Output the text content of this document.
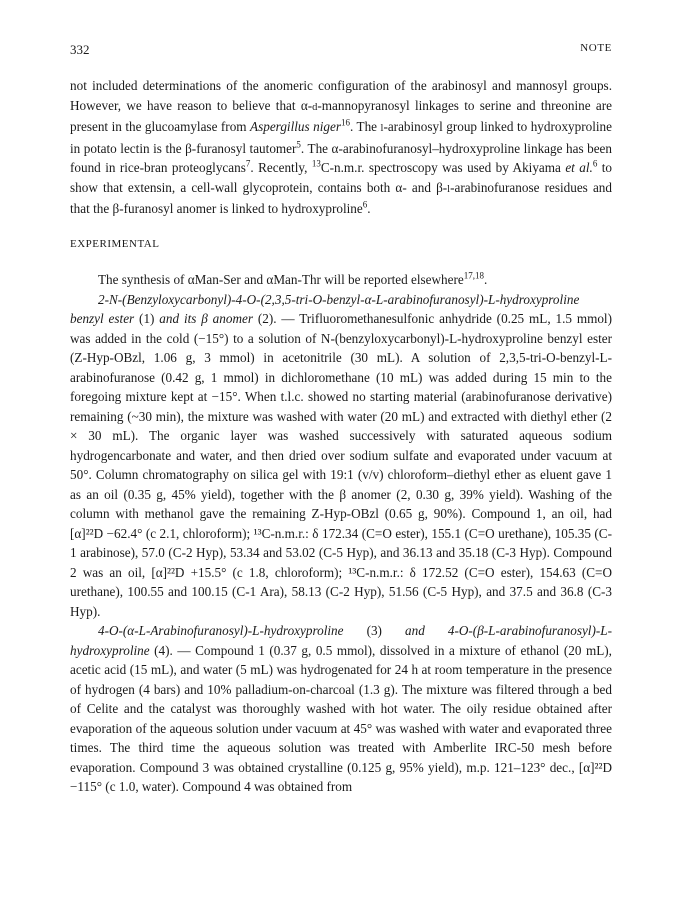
332	NOTE

not included determinations of the anomeric configuration of the arabinosyl and mannosyl groups. However, we have reason to believe that α-d-mannopyranosyl linkages to serine and threonine are present in the glucoamylase from Aspergillus niger$^{16}$. The l-arabinosyl group linked to hydroxyproline in potato lectin is the β-furanosyl tautomer$^5$. The α-arabinofuranosyl–hydroxyproline linkage has been found in rice-bran proteoglycans$^7$. Recently, $^{13}$C-n.m.r. spectroscopy was used by Akiyama et al.$^6$ to show that extensin, a cell-wall glycoprotein, contains both α- and β-l-arabinofuranose residues and that the β-furanosyl anomer is linked to hydroxyproline$^6$.

EXPERIMENTAL

The synthesis of αMan-Ser and αMan-Thr will be reported elsewhere$^{17,18}$.

2-N-(Benzyloxycarbonyl)-4-O-(2,3,5-tri-O-benzyl-α-L-arabinofuranosyl)-L-hydroxyproline benzyl ester (1) and its β anomer (2). — Trifluoromethanesulfonic anhydride (0.25 mL, 1.5 mmol) was added in the cold (−15°) to a solution of N-(benzyloxycarbonyl)-L-hydroxyproline benzyl ester (Z-Hyp-OBzl, 1.06 g, 3 mmol) in acetonitrile (30 mL). A solution of 2,3,5-tri-O-benzyl-L-arabinofuranose (0.42 g, 1 mmol) in dichloromethane (10 mL) was added during 15 min to the foregoing mixture kept at −15°. When t.l.c. showed no starting material (arabinofuranose derivative) remaining (~30 min), the mixture was washed with water (20 mL) and extracted with diethyl ether (2 × 30 mL). The organic layer was washed successively with saturated aqueous sodium hydrogencarbonate and water, and then dried over sodium sulfate and evaporated under vacuum at 50°. Column chromatography on silica gel with 19:1 (v/v) chloroform–diethyl ether as eluent gave 1 as an oil (0.35 g, 45% yield), together with the β anomer (2, 0.30 g, 39% yield). Washing of the column with methanol gave the remaining Z-Hyp-OBzl (0.65 g, 90%). Compound 1, an oil, had [α]²²D −62.4° (c 2.1, chloroform); ¹³C-n.m.r.: δ 172.34 (C=O ester), 155.1 (C=O urethane), 105.35 (C-1 arabinose), 57.0 (C-2 Hyp), 53.34 and 53.02 (C-5 Hyp), and 36.13 and 35.18 (C-3 Hyp). Compound 2 was an oil, [α]²²D +15.5° (c 1.8, chloroform); ¹³C-n.m.r.: δ 172.52 (C=O ester), 154.63 (C=O urethane), 100.55 and 100.15 (C-1 Ara), 58.13 (C-2 Hyp), 51.56 (C-5 Hyp), and 37.5 and 36.8 (C-3 Hyp).

4-O-(α-L-Arabinofuranosyl)-L-hydroxyproline (3) and 4-O-(β-L-arabinofuranosyl)-L-hydroxyproline (4). — Compound 1 (0.37 g, 0.5 mmol), dissolved in a mixture of ethanol (20 mL), acetic acid (15 mL), and water (5 mL) was hydrogenated for 24 h at room temperature in the presence of hydrogen (4 bars) and 10% palladium-on-charcoal (1.3 g). The mixture was filtered through a bed of Celite and the catalyst was thoroughly washed with hot water. The oily residue obtained after evaporation of the aqueous solution under vacuum at 45° was washed with water and evaporated three times. The third time the aqueous solution was treated with Amberlite IRC-50 mesh before evaporation. Compound 3 was obtained crystalline (0.125 g, 95% yield), m.p. 121–123° dec., [α]²²D −115° (c 1.0, water). Compound 4 was obtained from
